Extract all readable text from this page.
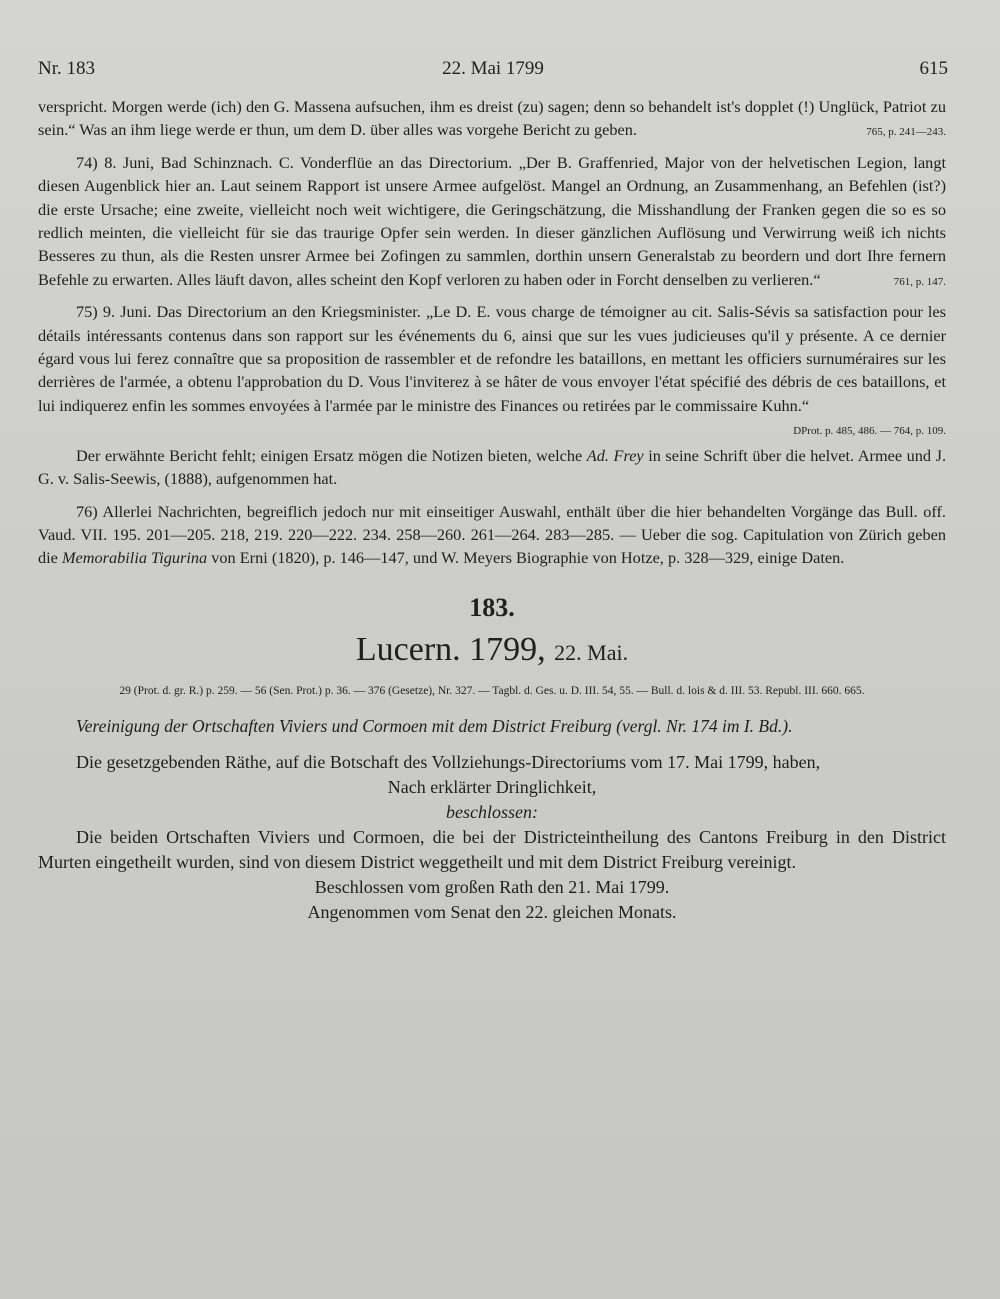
Nr. 183	22. Mai 1799	615

verspricht. Morgen werde (ich) den G. Massena aufsuchen, ihm es dreist (zu) sagen; denn so behandelt ist's dopplet (!) Unglück, Patriot zu sein.“ Was an ihm liege werde er thun, um dem D. über alles was vorgehe Bericht zu geben.	765, p. 241—243.

74) 8. Juni, Bad Schinznach. C. Vonderflüe an das Directorium. „Der B. Graffenried, Major von der helvetischen Legion, langt diesen Augenblick hier an. Laut seinem Rapport ist unsere Armee aufgelöst. Mangel an Ordnung, an Zusammenhang, an Befehlen (ist?) die erste Ursache; eine zweite, vielleicht noch weit wichtigere, die Geringschätzung, die Misshandlung der Franken gegen die so es so redlich meinten, die vielleicht für sie das traurige Opfer sein werden. In dieser gänzlichen Auflösung und Verwirrung weiß ich nichts Besseres zu thun, als die Resten unsrer Armee bei Zofingen zu sammlen, dorthin unsern Generalstab zu beordern und dort Ihre fernern Befehle zu erwarten. Alles läuft davon, alles scheint den Kopf verloren zu haben oder in Forcht denselben zu verlieren.“	761, p. 147.

75) 9. Juni. Das Directorium an den Kriegsminister. „Le D. E. vous charge de témoigner au cit. Salis-Sévis sa satisfaction pour les détails intéressants contenus dans son rapport sur les événements du 6, ainsi que sur les vues judicieuses qu'il y présente. A ce dernier égard vous lui ferez connaître que sa proposition de rassembler et de refondre les bataillons, en mettant les officiers surnuméraires sur les derrières de l'armée, a obtenu l'approbation du D. Vous l'inviterez à se hâter de vous envoyer l'état spécifié des débris de ces bataillons, et lui indiquerez enfin les sommes envoyées à l'armée par le ministre des Finances ou retirées par le commissaire Kuhn.“
DProt. p. 485, 486. — 764, p. 109.

Der erwähnte Bericht fehlt; einigen Ersatz mögen die Notizen bieten, welche Ad. Frey in seine Schrift über die helvet. Armee und J. G. v. Salis-Seewis, (1888), aufgenommen hat.

76) Allerlei Nachrichten, begreiflich jedoch nur mit einseitiger Auswahl, enthält über die hier behandelten Vorgänge das Bull. off. Vaud. VII. 195. 201—205. 218, 219. 220—222. 234. 258—260. 261—264. 283—285. — Ueber die sog. Capitulation von Zürich geben die Memorabilia Tigurina von Erni (1820), p. 146—147, und W. Meyers Biographie von Hotze, p. 328—329, einige Daten.

183.

Lucern. 1799, 22. Mai.

29 (Prot. d. gr. R.) p. 259. — 56 (Sen. Prot.) p. 36. — 376 (Gesetze), Nr. 327. — Tagbl. d. Ges. u. D. III. 54, 55. — Bull. d. lois & d. III. 53. Republ. III. 660. 665.

Vereinigung der Ortschaften Viviers und Cormoen mit dem District Freiburg (vergl. Nr. 174 im I. Bd.).

Die gesetzgebenden Räthe, auf die Botschaft des Vollziehungs-Directoriums vom 17. Mai 1799, haben,

Nach erklärter Dringlichkeit,

beschlossen:

Die beiden Ortschaften Viviers und Cormoen, die bei der Districteintheilung des Cantons Freiburg in den District Murten eingetheilt wurden, sind von diesem District weggetheilt und mit dem District Freiburg vereinigt.

Beschlossen vom großen Rath den 21. Mai 1799.

Angenommen vom Senat den 22. gleichen Monats.
